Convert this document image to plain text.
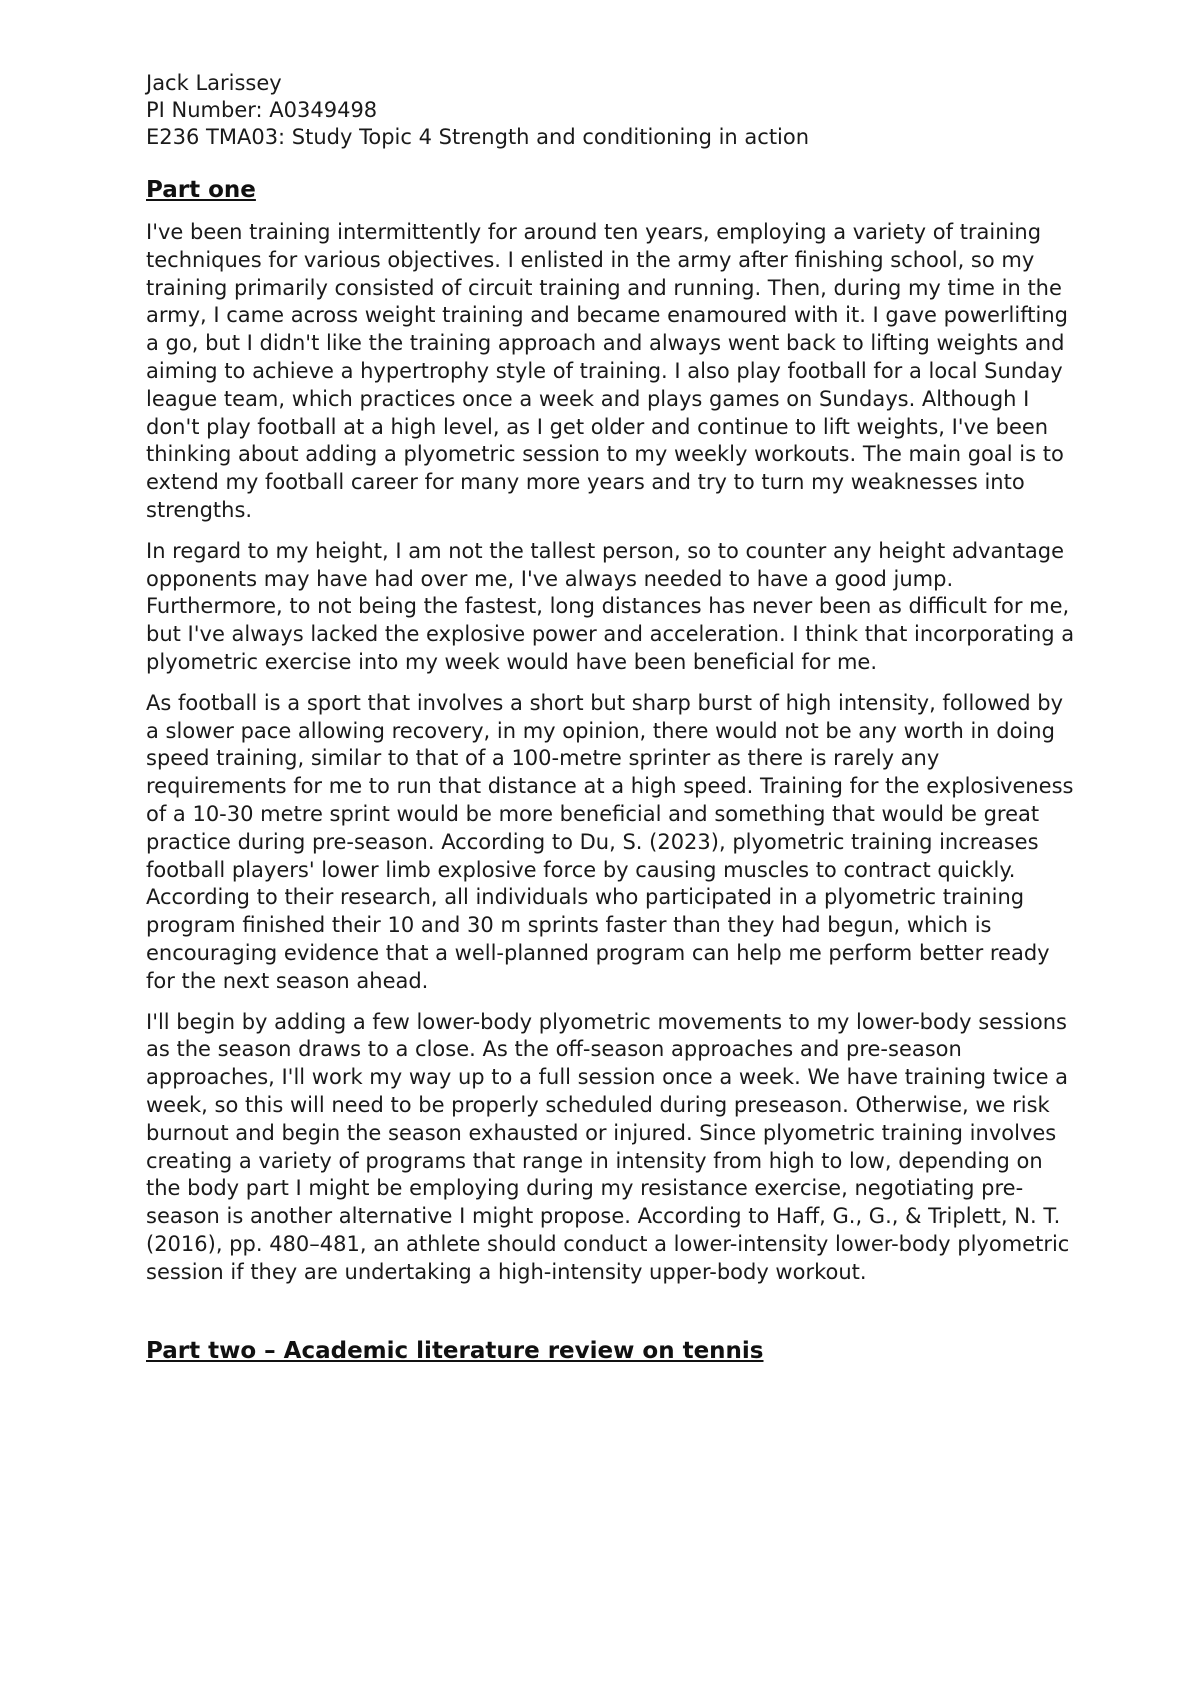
Jack Larissey

PI Number: A0349498

E236 TMA03: Study Topic 4 Strength and conditioning in action

Part one

I've been training intermittently for around ten years, employing a variety of training techniques for various objectives. I enlisted in the army after finishing school, so my training primarily consisted of circuit training and running. Then, during my time in the army, I came across weight training and became enamoured with it. I gave powerlifting a go, but I didn't like the training approach and always went back to lifting weights and aiming to achieve a hypertrophy style of training. I also play football for a local Sunday league team, which practices once a week and plays games on Sundays. Although I don't play football at a high level, as I get older and continue to lift weights, I've been thinking about adding a plyometric session to my weekly workouts. The main goal is to extend my football career for many more years and try to turn my weaknesses into strengths.

In regard to my height, I am not the tallest person, so to counter any height advantage opponents may have had over me, I've always needed to have a good jump. Furthermore, to not being the fastest, long distances has never been as difficult for me, but I've always lacked the explosive power and acceleration. I think that incorporating a plyometric exercise into my week would have been beneficial for me.

As football is a sport that involves a short but sharp burst of high intensity, followed by a slower pace allowing recovery, in my opinion, there would not be any worth in doing speed training, similar to that of a 100-metre sprinter as there is rarely any requirements for me to run that distance at a high speed. Training for the explosiveness of a 10-30 metre sprint would be more beneficial and something that would be great practice during pre-season. According to Du, S. (2023), plyometric training increases football players' lower limb explosive force by causing muscles to contract quickly. According to their research, all individuals who participated in a plyometric training program finished their 10 and 30 m sprints faster than they had begun, which is encouraging evidence that a well-planned program can help me perform better ready for the next season ahead.

I'll begin by adding a few lower-body plyometric movements to my lower-body sessions as the season draws to a close. As the off-season approaches and pre-season approaches, I'll work my way up to a full session once a week. We have training twice a week, so this will need to be properly scheduled during preseason. Otherwise, we risk burnout and begin the season exhausted or injured. Since plyometric training involves creating a variety of programs that range in intensity from high to low, depending on the body part I might be employing during my resistance exercise, negotiating pre-season is another alternative I might propose. According to Haff, G., G., & Triplett, N. T. (2016), pp. 480–481, an athlete should conduct a lower-intensity lower-body plyometric session if they are undertaking a high-intensity upper-body workout.

Part two – Academic literature review on tennis
